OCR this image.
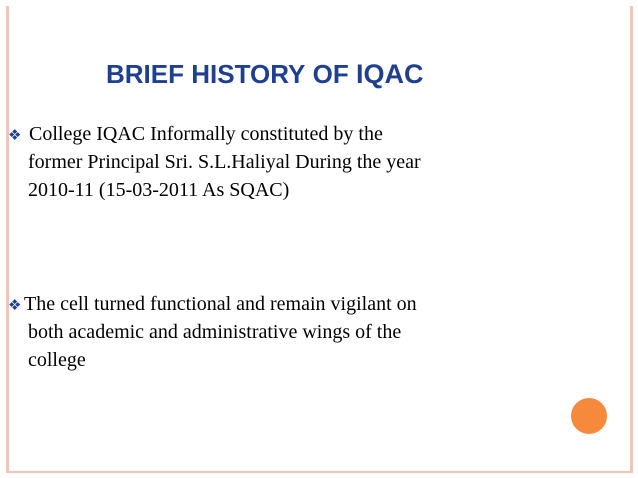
BRIEF HISTORY OF IQAC
❖ College IQAC Informally constituted by the
former Principal Sri. S.L.Haliyal During the year
2010-11 (15-03-2011 As SQAC)
❖ The cell turned functional and remain vigilant on
both academic and administrative wings of the
college
